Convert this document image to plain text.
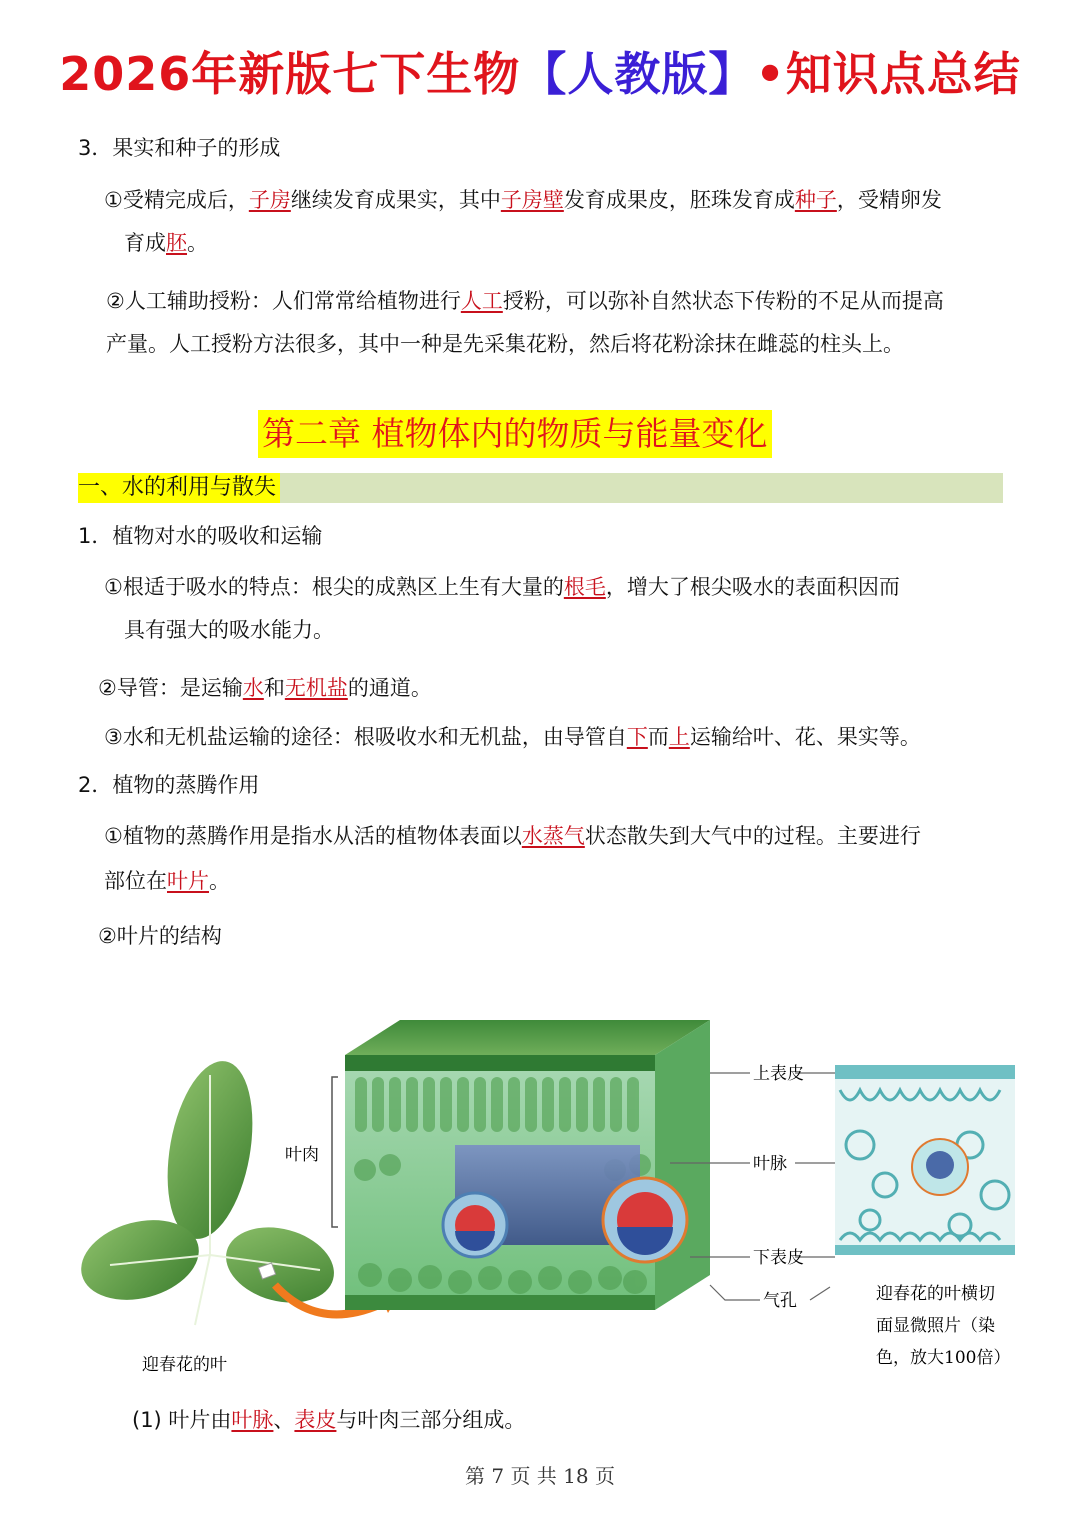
2026年新版七下生物【人教版】•知识点总结
3．果实和种子的形成
①受精完成后，子房继续发育成果实，其中子房壁发育成果皮，胚珠发育成种子，受精卵发
育成胚。
②人工辅助授粉：人们常常给植物进行人工授粉，可以弥补自然状态下传粉的不足从而提高
产量。人工授粉方法很多，其中一种是先采集花粉，然后将花粉涂抹在雌蕊的柱头上。
第二章 植物体内的物质与能量变化
一、水的利用与散失
1．植物对水的吸收和运输
①根适于吸水的特点：根尖的成熟区上生有大量的根毛，增大了根尖吸水的表面积因而
具有强大的吸水能力。
②导管：是运输水和无机盐的通道。
③水和无机盐运输的途径：根吸收水和无机盐，由导管自下而上运输给叶、花、果实等。
2．植物的蒸腾作用
①植物的蒸腾作用是指水从活的植物体表面以水蒸气状态散失到大气中的过程。主要进行
部位在叶片。
②叶片的结构
叶肉
上表皮
叶脉
下表皮
气孔
迎春花的叶
迎春花的叶横切
面显微照片（染
色，放大100倍）
(1) 叶片由叶脉、表皮与叶肉三部分组成。
第 7 页 共 18 页
